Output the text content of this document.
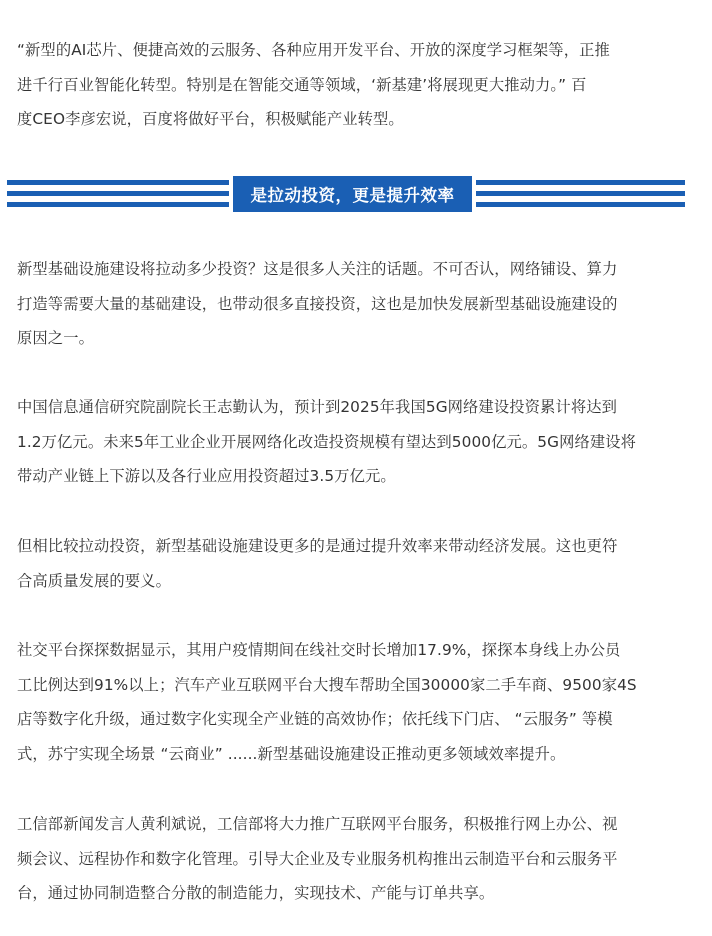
“新型的AI芯片、便捷高效的云服务、各种应用开发平台、开放的深度学习框架等，正推
进千行百业智能化转型。特别是在智能交通等领域，‘新基建’将展现更大推动力。” 百
度CEO李彦宏说，百度将做好平台，积极赋能产业转型。

是拉动投资，更是提升效率

新型基础设施建设将拉动多少投资？这是很多人关注的话题。不可否认，网络铺设、算力
打造等需要大量的基础建设，也带动很多直接投资，这也是加快发展新型基础设施建设的
原因之一。

中国信息通信研究院副院长王志勤认为，预计到2025年我国5G网络建设投资累计将达到
1.2万亿元。未来5年工业企业开展网络化改造投资规模有望达到5000亿元。5G网络建设将
带动产业链上下游以及各行业应用投资超过3.5万亿元。

但相比较拉动投资，新型基础设施建设更多的是通过提升效率来带动经济发展。这也更符
合高质量发展的要义。

社交平台探探数据显示，其用户疫情期间在线社交时长增加17.9%，探探本身线上办公员
工比例达到91%以上；汽车产业互联网平台大搜车帮助全国30000家二手车商、9500家4S
店等数字化升级，通过数字化实现全产业链的高效协作；依托线下门店、 “云服务” 等模
式，苏宁实现全场景 “云商业” ......新型基础设施建设正推动更多领域效率提升。

工信部新闻发言人黄利斌说，工信部将大力推广互联网平台服务，积极推行网上办公、视
频会议、远程协作和数字化管理。引导大企业及专业服务机构推出云制造平台和云服务平
台，通过协同制造整合分散的制造能力，实现技术、产能与订单共享。
